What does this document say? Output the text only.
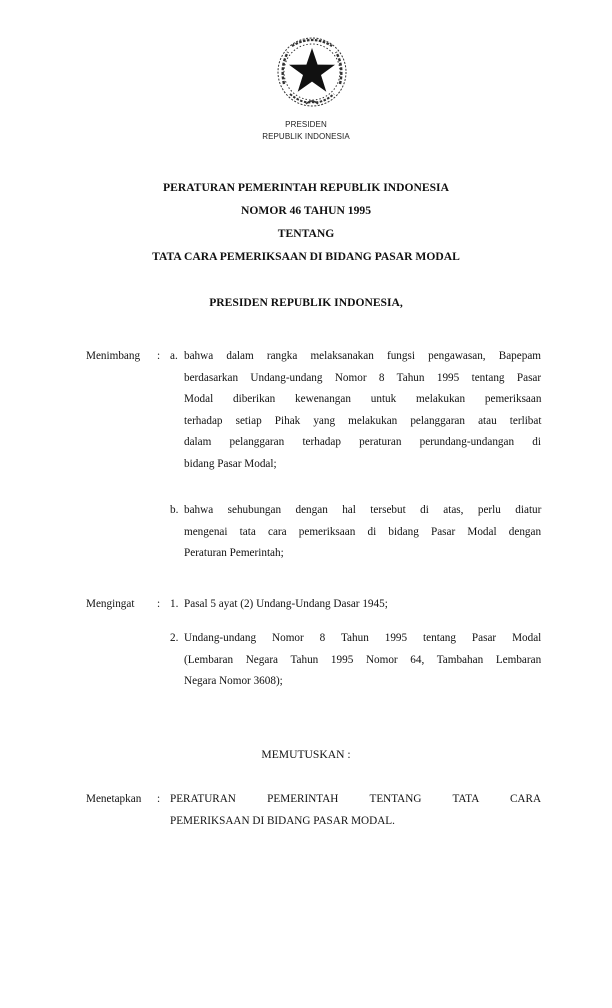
PRESIDEN
REPUBLIK INDONESIA
PERATURAN PEMERINTAH REPUBLIK INDONESIA
NOMOR 46 TAHUN 1995
TENTANG
TATA CARA PEMERIKSAAN DI BIDANG PASAR MODAL
PRESIDEN REPUBLIK INDONESIA,
Menimbang : a. bahwa dalam rangka melaksanakan fungsi pengawasan, Bapepam
berdasarkan Undang-undang Nomor 8 Tahun 1995 tentang Pasar
Modal diberikan kewenangan untuk melakukan pemeriksaan
terhadap setiap Pihak yang melakukan pelanggaran atau terlibat
dalam pelanggaran terhadap peraturan perundang-undangan di
bidang Pasar Modal;
b. bahwa sehubungan dengan hal tersebut di atas, perlu diatur
mengenai tata cara pemeriksaan di bidang Pasar Modal dengan
Peraturan Pemerintah;
Mengingat : 1. Pasal 5 ayat (2) Undang-Undang Dasar 1945;
2. Undang-undang Nomor 8 Tahun 1995 tentang Pasar Modal
(Lembaran Negara Tahun 1995 Nomor 64, Tambahan Lembaran
Negara Nomor 3608);
MEMUTUSKAN :
Menetapkan : PERATURAN PEMERINTAH TENTANG TATA CARA
PEMERIKSAAN DI BIDANG PASAR MODAL.
